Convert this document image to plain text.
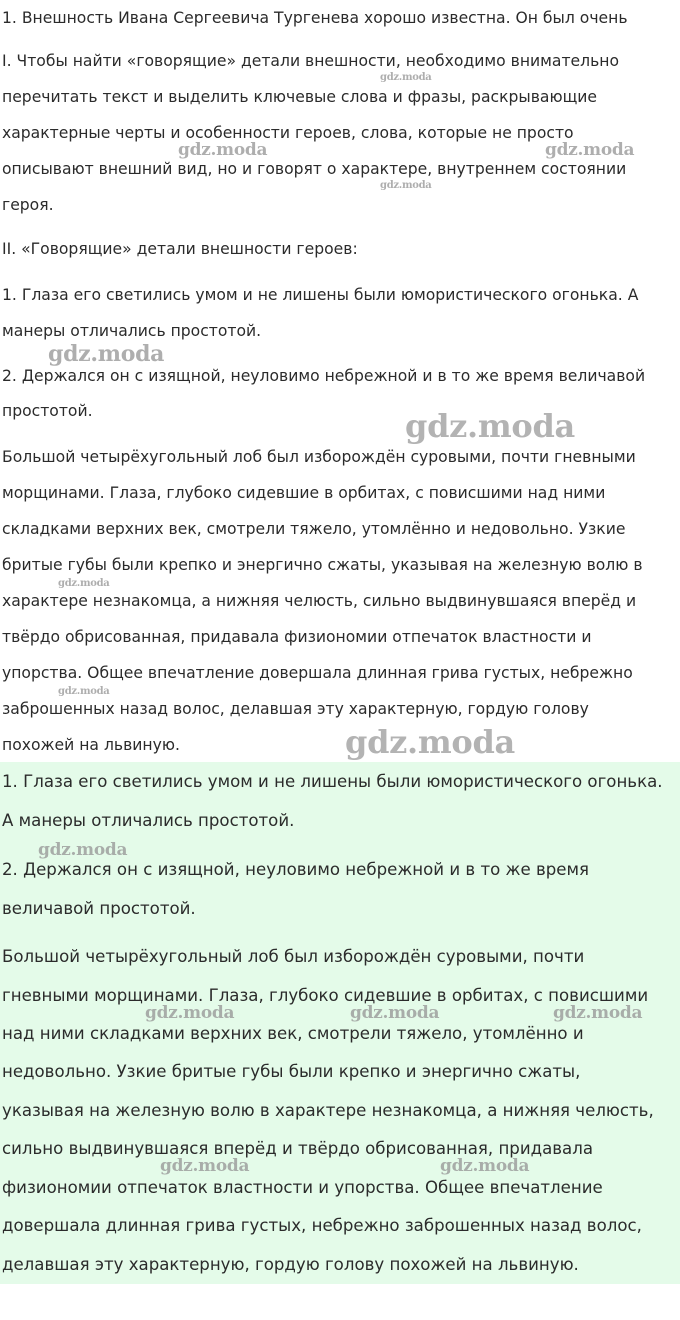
1. Внешность Ивана Сергеевича Тургенева хорошо известна. Он был очень
I. Чтобы найти «говорящие» детали внешности, необходимо внимательно
перечитать текст и выделить ключевые слова и фразы, раскрывающие
характерные черты и особенности героев, слова, которые не просто
описывают внешний вид, но и говорят о характере, внутреннем состоянии
героя.
II. «Говорящие» детали внешности героев:
1. Глаза его светились умом и не лишены были юмористического огонька. А
манеры отличались простотой.
2. Держался он с изящной, неуловимо небрежной и в то же время величавой
простотой.
Большой четырёхугольный лоб был изборождён суровыми, почти гневными
морщинами. Глаза, глубоко сидевшие в орбитах, с повисшими над ними
складками верхних век, смотрели тяжело, утомлённо и недовольно. Узкие
бритые губы были крепко и энергично сжаты, указывая на железную волю в
характере незнакомца, а нижняя челюсть, сильно выдвинувшаяся вперёд и
твёрдо обрисованная, придавала физиономии отпечаток властности и
упорства. Общее впечатление довершала длинная грива густых, небрежно
заброшенных назад волос, делавшая эту характерную, гордую голову
похожей на львиную.
1. Глаза его светились умом и не лишены были юмористического огонька.
А манеры отличались простотой.
2. Держался он с изящной, неуловимо небрежной и в то же время
величавой простотой.
Большой четырёхугольный лоб был изборождён суровыми, почти
гневными морщинами. Глаза, глубоко сидевшие в орбитах, с повисшими
над ними складками верхних век, смотрели тяжело, утомлённо и
недовольно. Узкие бритые губы были крепко и энергично сжаты,
указывая на железную волю в характере незнакомца, а нижняя челюсть,
сильно выдвинувшаяся вперёд и твёрдо обрисованная, придавала
физиономии отпечаток властности и упорства. Общее впечатление
довершала длинная грива густых, небрежно заброшенных назад волос,
делавшая эту характерную, гордую голову похожей на львиную.
gdz.moda
gdz.moda	gdz.moda
gdz.moda
gdz.moda
gdz.moda
gdz.moda
gdz.moda
gdz.moda
gdz.moda
gdz.moda	gdz.moda	gdz.moda
gdz.moda	gdz.moda
